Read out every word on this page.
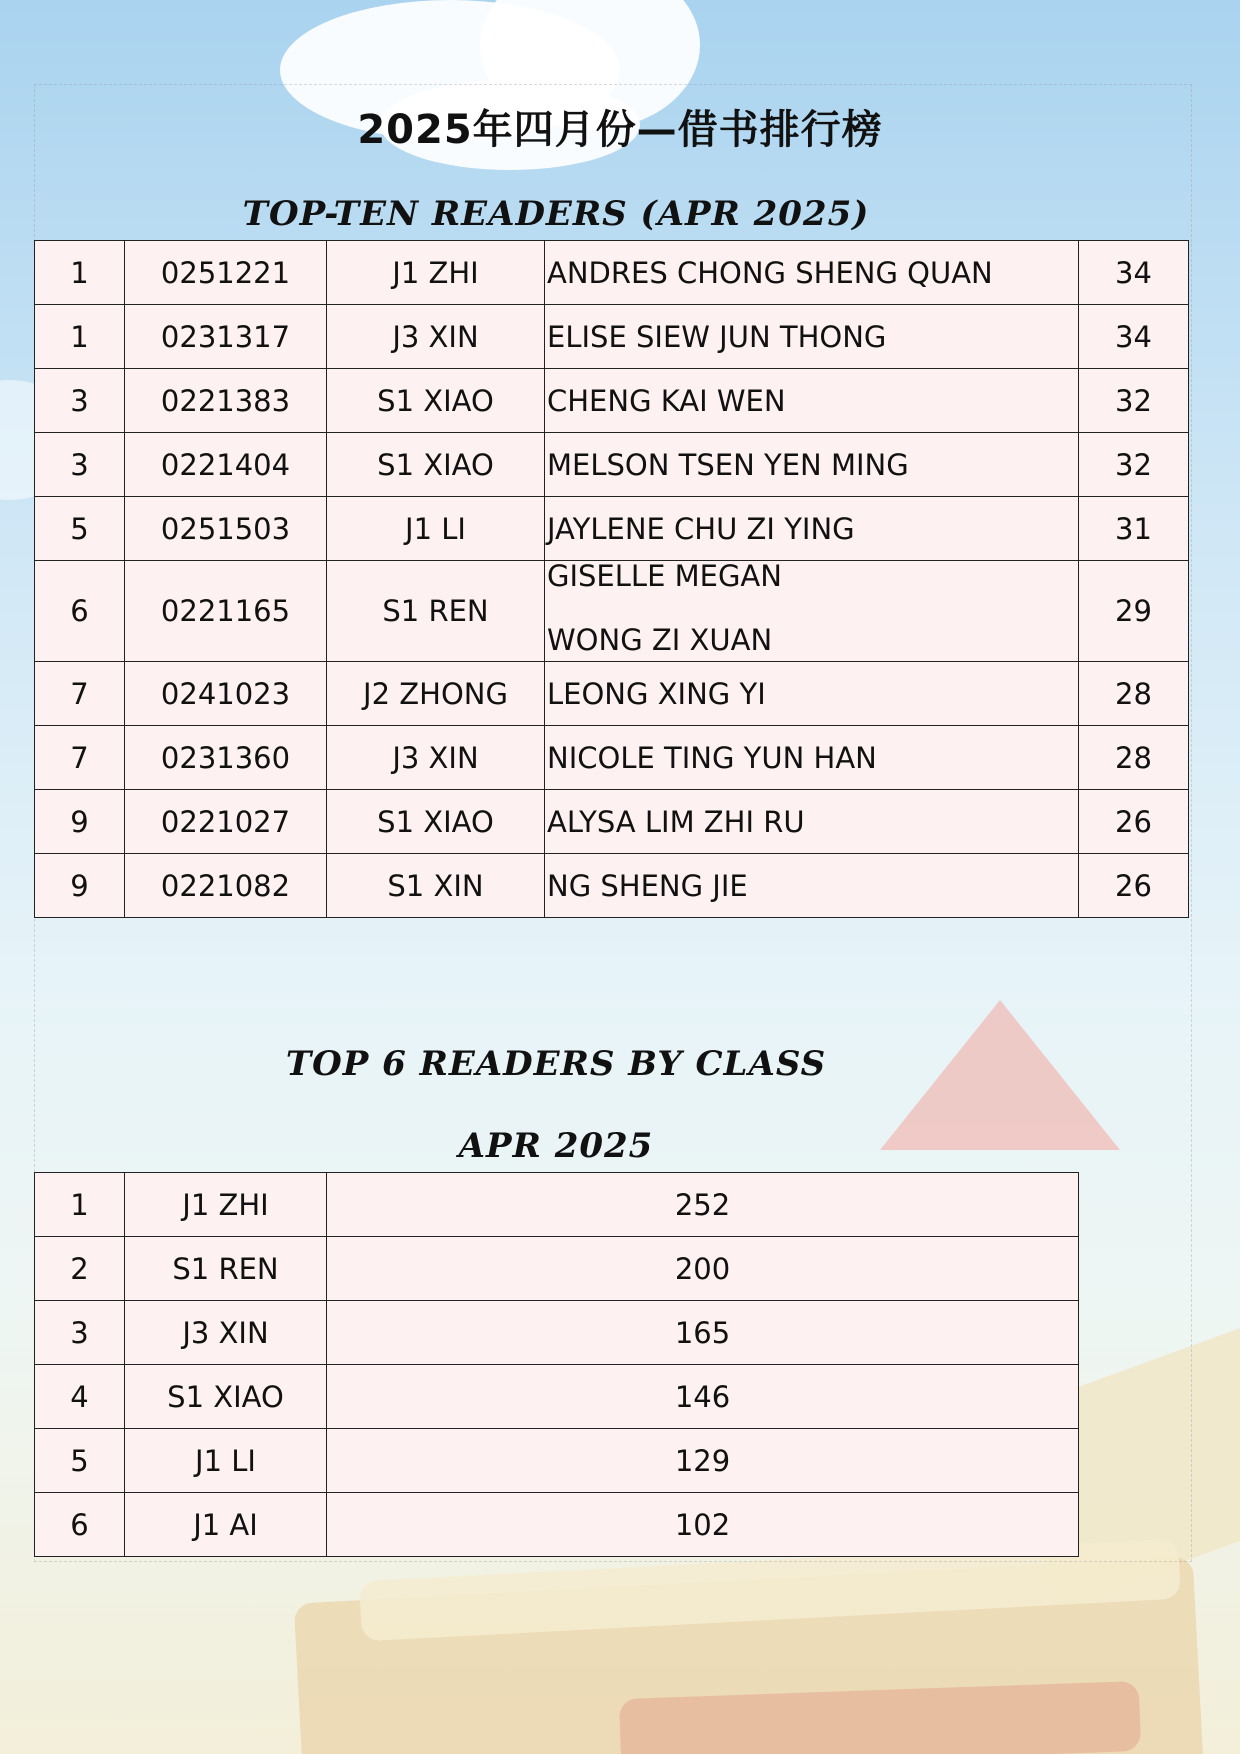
2025年四月份—借书排行榜
TOP-TEN READERS (APR 2025)
1	0251221	J1 ZHI	ANDRES CHONG SHENG QUAN	34
1	0231317	J3 XIN	ELISE SIEW JUN THONG	34
3	0221383	S1 XIAO	CHENG KAI WEN	32
3	0221404	S1 XIAO	MELSON TSEN YEN MING	32
5	0251503	J1 LI	JAYLENE CHU ZI YING	31
6	0221165	S1 REN	GISELLE MEGAN
WONG ZI XUAN	29
7	0241023	J2 ZHONG	LEONG XING YI	28
7	0231360	J3 XIN	NICOLE TING YUN HAN	28
9	0221027	S1 XIAO	ALYSA LIM ZHI RU	26
9	0221082	S1 XIN	NG SHENG JIE	26
TOP 6 READERS BY CLASS
APR 2025
1	J1 ZHI	252
2	S1 REN	200
3	J3 XIN	165
4	S1 XIAO	146
5	J1 LI	129
6	J1 AI	102
